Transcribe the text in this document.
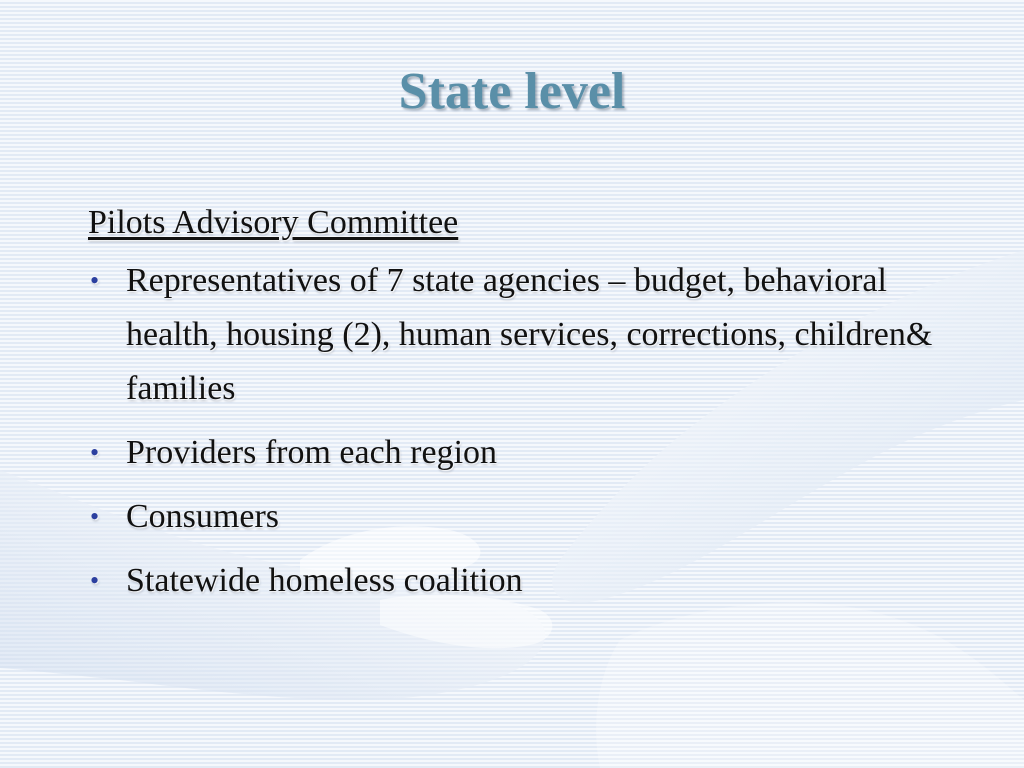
State level

Pilots Advisory Committee

• Representatives of 7 state agencies – budget, behavioral health, housing (2), human services, corrections, children& families
• Providers from each region
• Consumers
• Statewide homeless coalition
